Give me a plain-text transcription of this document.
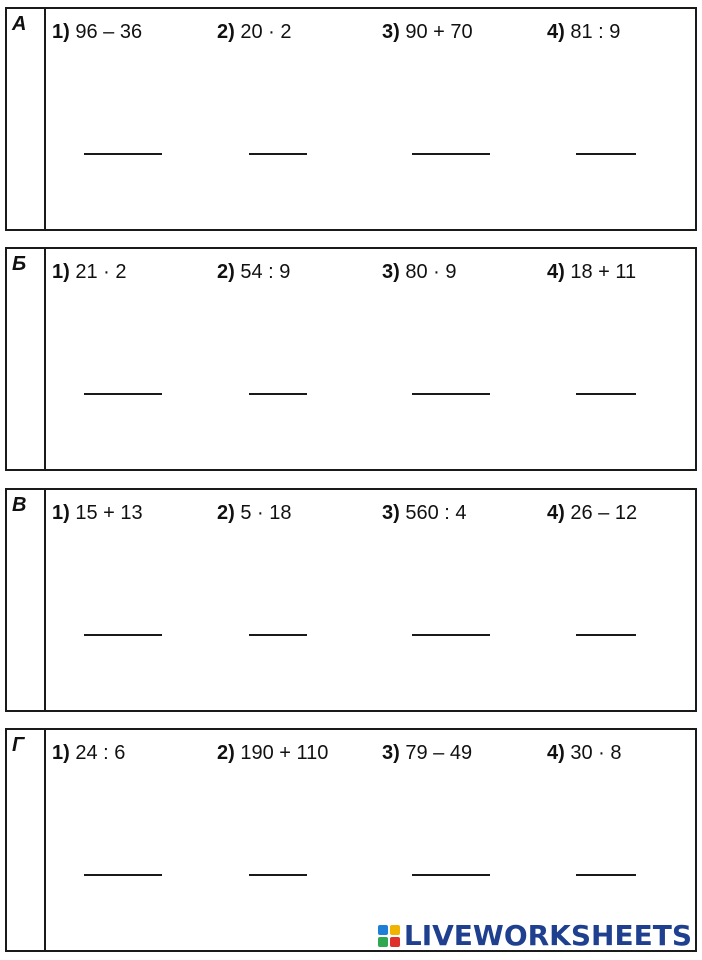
А 1) 96 – 36	2) 20 · 2	3) 90 + 70	4) 81 : 9
Б 1) 21 · 2	2) 54 : 9	3) 80 · 9	4) 18 + 11
В 1) 15 + 13	2) 5 · 18	3) 560 : 4	4) 26 – 12
Г 1) 24 : 6	2) 190 + 110	3) 79 – 49	4) 30 · 8
LIVEWORKSHEETS
